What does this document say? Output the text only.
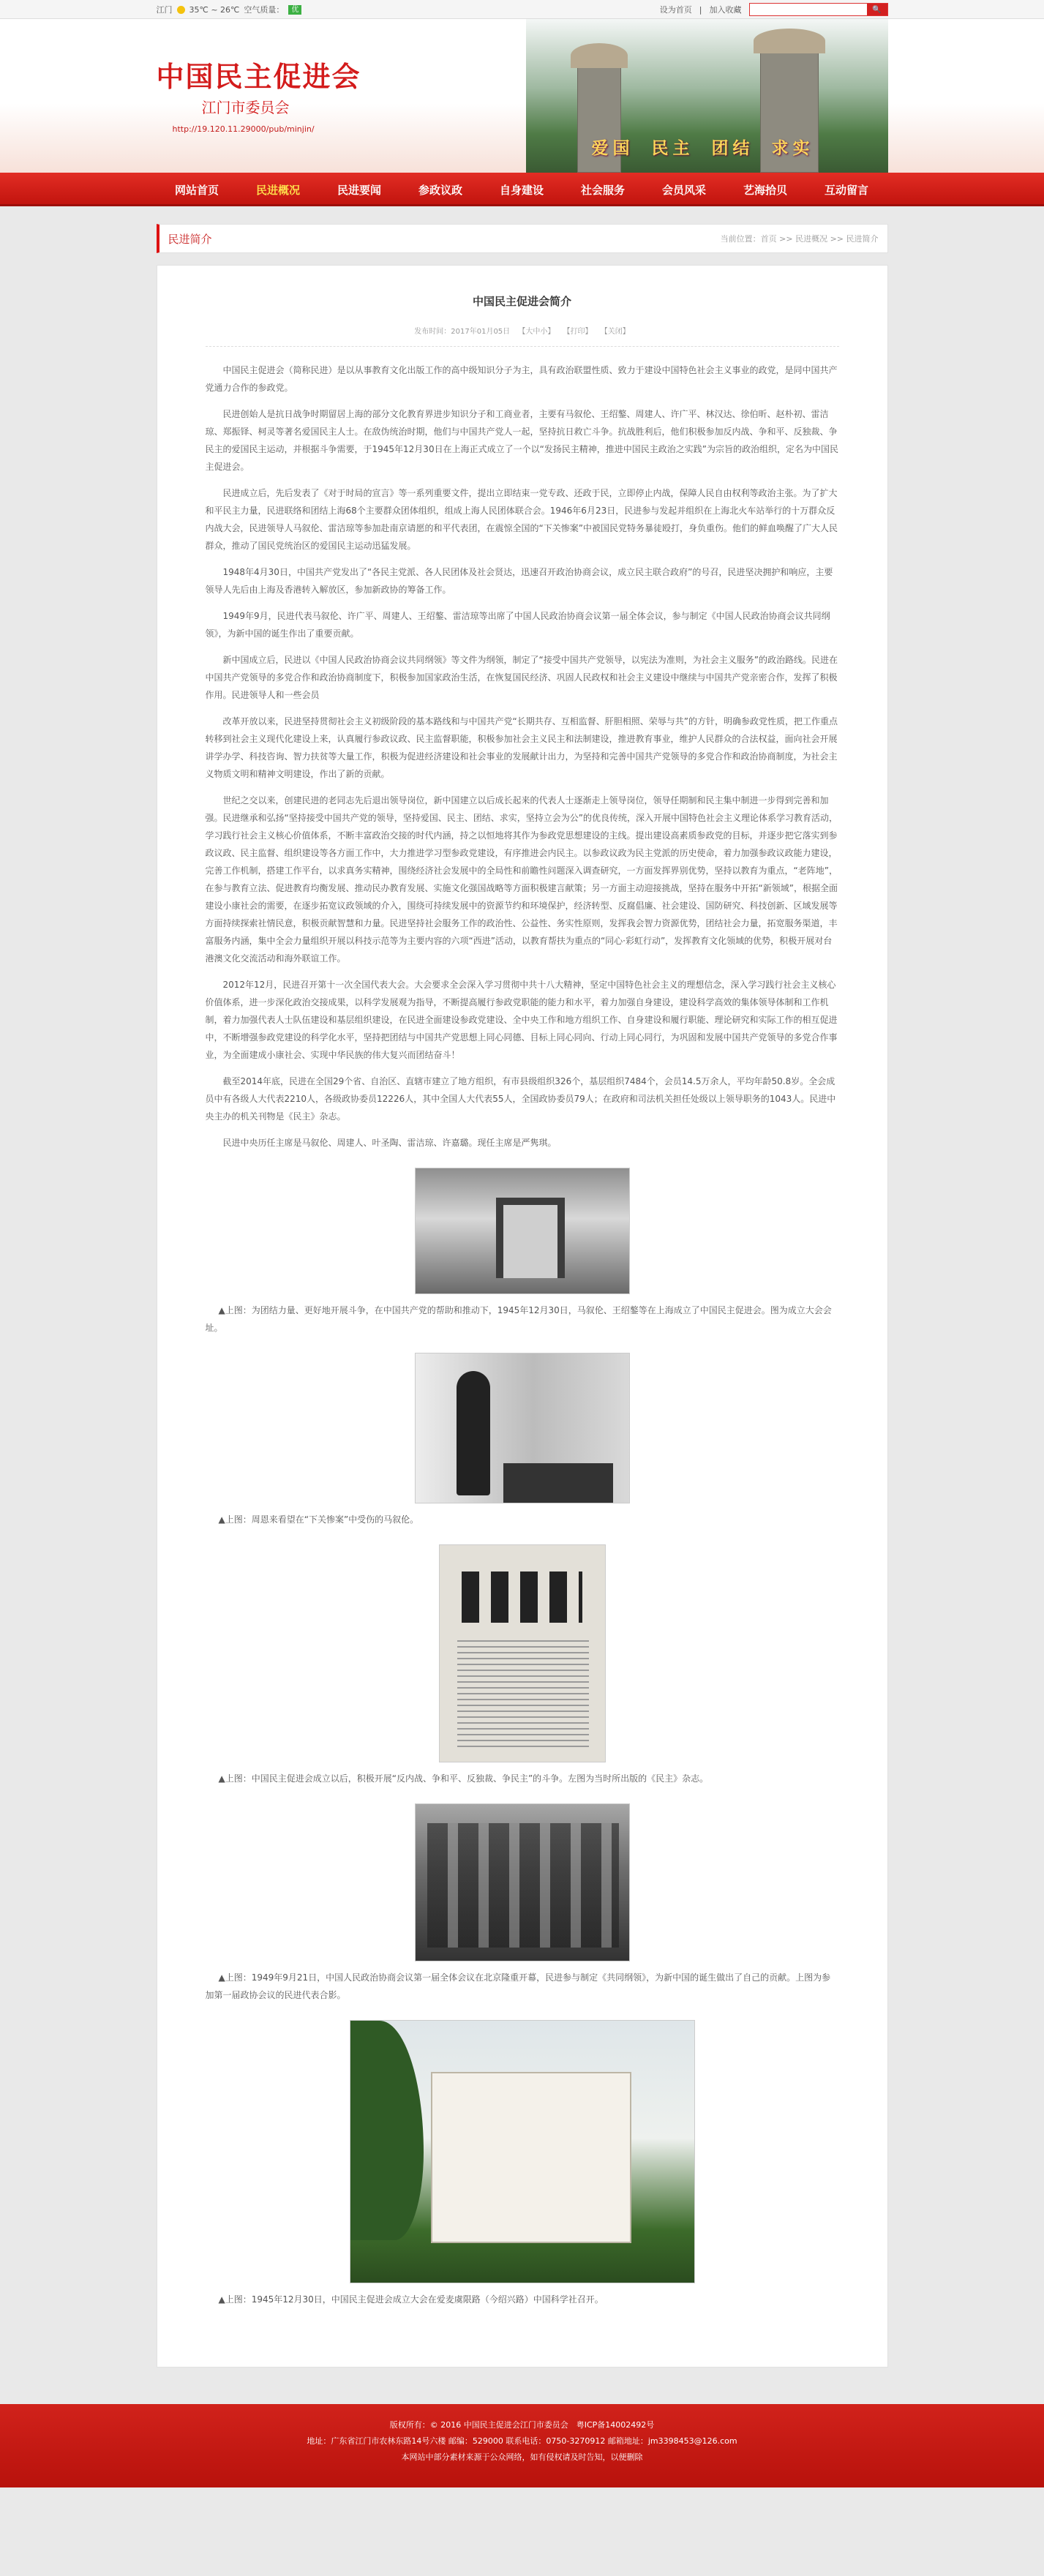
江门 35℃ ~ 26℃ 空气质量：	优	设为首页 | 加入收藏	🔍
中国民主促进会
江门市委员会
http://19.120.11.29000/pub/minjin/
爱国 民主 团结 求实
网站首页	民进概况	民进要闻	参政议政	自身建设	社会服务	会员风采	艺海拾贝	互动留言
民进简介	当前位置：首页 >> 民进概况 >> 民进简介
中国民主促进会简介
发布时间：2017年01月05日 【大中小】 【打印】 【关闭】

中国民主促进会（简称民进）是以从事教育文化出版工作的高中级知识分子为主，具有政治联盟性质、致力于建设中国特色社会主义事业的政党，是同中国共产党通力合作的参政党。

民进创始人是抗日战争时期留居上海的部分文化教育界进步知识分子和工商业者，主要有马叙伦、王绍鏊、周建人、许广平、林汉达、徐伯昕、赵朴初、雷洁琼、郑振铎、柯灵等著名爱国民主人士。在敌伪统治时期，他们与中国共产党人一起，坚持抗日救亡斗争。抗战胜利后，他们积极参加反内战、争和平、反独裁、争民主的爱国民主运动，并根据斗争需要，于1945年12月30日在上海正式成立了一个以“发扬民主精神，推进中国民主政治之实践”为宗旨的政治组织，定名为中国民主促进会。

民进成立后，先后发表了《对于时局的宣言》等一系列重要文件，提出立即结束一党专政、还政于民，立即停止内战，保障人民自由权利等政治主张。为了扩大和平民主力量，民进联络和团结上海68个主要群众团体组织，组成上海人民团体联合会。1946年6月23日，民进参与发起并组织在上海北火车站举行的十万群众反内战大会，民进领导人马叙伦、雷洁琼等参加赴南京请愿的和平代表团，在震惊全国的“下关惨案”中被国民党特务暴徒殴打，身负重伤。他们的鲜血唤醒了广大人民群众，推动了国民党统治区的爱国民主运动迅猛发展。

1948年4月30日，中国共产党发出了“各民主党派、各人民团体及社会贤达，迅速召开政治协商会议，成立民主联合政府”的号召，民进坚决拥护和响应，主要领导人先后由上海及香港转入解放区，参加新政协的筹备工作。

1949年9月，民进代表马叙伦、许广平、周建人、王绍鏊、雷洁琼等出席了中国人民政治协商会议第一届全体会议，参与制定《中国人民政治协商会议共同纲领》，为新中国的诞生作出了重要贡献。

新中国成立后，民进以《中国人民政治协商会议共同纲领》等文件为纲领，制定了“接受中国共产党领导，以宪法为准则，为社会主义服务”的政治路线。民进在中国共产党领导的多党合作和政治协商制度下，积极参加国家政治生活，在恢复国民经济、巩固人民政权和社会主义建设中继续与中国共产党亲密合作，发挥了积极作用。民进领导人和一些会员

改革开放以来，民进坚持贯彻社会主义初级阶段的基本路线和与中国共产党“长期共存、互相监督、肝胆相照、荣辱与共”的方针，明确参政党性质，把工作重点转移到社会主义现代化建设上来，认真履行参政议政、民主监督职能，积极参加社会主义民主和法制建设，推进教育事业，维护人民群众的合法权益，面向社会开展讲学办学、科技咨询、智力扶贫等大量工作，积极为促进经济建设和社会事业的发展献计出力，为坚持和完善中国共产党领导的多党合作和政治协商制度，为社会主义物质文明和精神文明建设，作出了新的贡献。

世纪之交以来，创建民进的老同志先后退出领导岗位，新中国建立以后成长起来的代表人士逐渐走上领导岗位，领导任期制和民主集中制进一步得到完善和加强。民进继承和弘扬“坚持接受中国共产党的领导，坚持爱国、民主、团结、求实，坚持立会为公”的优良传统，深入开展中国特色社会主义理论体系学习教育活动，学习践行社会主义核心价值体系，不断丰富政治交接的时代内涵，持之以恒地将其作为参政党思想建设的主线。提出建设高素质参政党的目标，并逐步把它落实到参政议政、民主监督、组织建设等各方面工作中，大力推进学习型参政党建设，有序推进会内民主。以参政议政为民主党派的历史使命，着力加强参政议政能力建设，完善工作机制，搭建工作平台，以求真务实精神，围绕经济社会发展中的全局性和前瞻性问题深入调查研究，一方面发挥界别优势，坚持以教育为重点，“老阵地”，在参与教育立法、促进教育均衡发展、推动民办教育发展、实施文化强国战略等方面积极建言献策；另一方面主动迎接挑战，坚持在服务中开拓“新领域”，根据全面建设小康社会的需要，在逐步拓宽议政领域的介入，围绕可持续发展中的资源节约和环境保护，经济转型、反腐倡廉、社会建设、国防研究、科技创新、区域发展等方面持续探索社情民意，积极贡献智慧和力量。民进坚持社会服务工作的政治性、公益性、务实性原则，发挥我会智力资源优势，团结社会力量，拓宽服务渠道，丰富服务内涵，集中全会力量组织开展以科技示范等为主要内容的六项“西进”活动，以教育帮扶为重点的“同心·彩虹行动”，发挥教育文化领域的优势，积极开展对台港澳文化交流活动和海外联谊工作。

2012年12月，民进召开第十一次全国代表大会。大会要求全会深入学习贯彻中共十八大精神，坚定中国特色社会主义的理想信念，深入学习践行社会主义核心价值体系，进一步深化政治交接成果，以科学发展观为指导，不断提高履行参政党职能的能力和水平，着力加强自身建设，建设科学高效的集体领导体制和工作机制，着力加强代表人士队伍建设和基层组织建设，在民进全面建设参政党建设、全中央工作和地方组织工作、自身建设和履行职能、理论研究和实际工作的相互促进中，不断增强参政党建设的科学化水平，坚持把团结与中国共产党思想上同心同德、目标上同心同向、行动上同心同行，为巩固和发展中国共产党领导的多党合作事业，为全面建成小康社会、实现中华民族的伟大复兴而团结奋斗！

截至2014年底，民进在全国29个省、自治区、直辖市建立了地方组织，有市县级组织326个，基层组织7484个，会员14.5万余人，平均年龄50.8岁。全会成员中有各级人大代表2210人，各级政协委员12226人，其中全国人大代表55人，全国政协委员79人；在政府和司法机关担任处级以上领导职务的1043人。民进中央主办的机关刊物是《民主》杂志。

民进中央历任主席是马叙伦、周建人、叶圣陶、雷洁琼、许嘉璐。现任主席是严隽琪。

▲上图：为团结力量、更好地开展斗争，在中国共产党的帮助和推动下，1945年12月30日，马叙伦、王绍鏊等在上海成立了中国民主促进会。图为成立大会会址。

▲上图：周恩来看望在“下关惨案”中受伤的马叙伦。

▲上图：中国民主促进会成立以后，积极开展“反内战、争和平、反独裁、争民主”的斗争。左图为当时所出版的《民主》杂志。

▲上图：1949年9月21日，中国人民政治协商会议第一届全体会议在北京隆重开幕，民进参与制定《共同纲领》，为新中国的诞生做出了自己的贡献。上图为参加第一届政协会议的民进代表合影。

▲上图：1945年12月30日，中国民主促进会成立大会在爱麦虞限路（今绍兴路）中国科学社召开。

版权所有：© 2016 中国民主促进会江门市委员会　粤ICP备14002492号
地址：广东省江门市农林东路14号六楼 邮编：529000 联系电话：0750-3270912 邮箱地址：jm3398453@126.com
本网站中部分素材来源于公众网络，如有侵权请及时告知，以便删除
